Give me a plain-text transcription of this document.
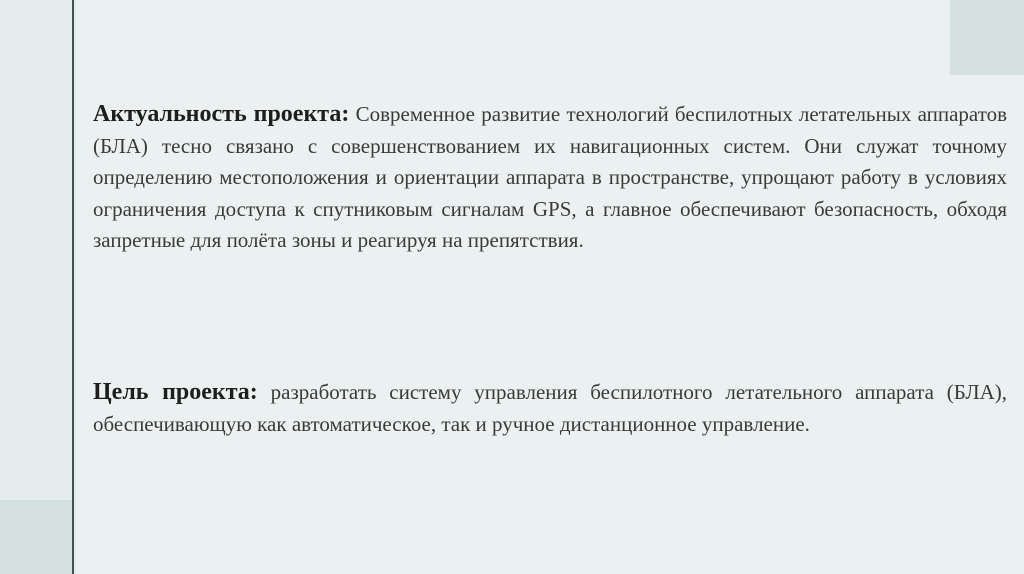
Актуальность проекта: Современное развитие технологий беспилотных летательных аппаратов (БЛА) тесно связано с совершенствованием их навигационных систем. Они служат точному определению местоположения и ориентации аппарата в пространстве, упрощают работу в условиях ограничения доступа к спутниковым сигналам GPS, а главное обеспечивают безопасность, обходя запретные для полёта зоны и реагируя на препятствия.

Цель проекта: разработать систему управления беспилотного летательного аппарата (БЛА), обеспечивающую как автоматическое, так и ручное дистанционное управление.
